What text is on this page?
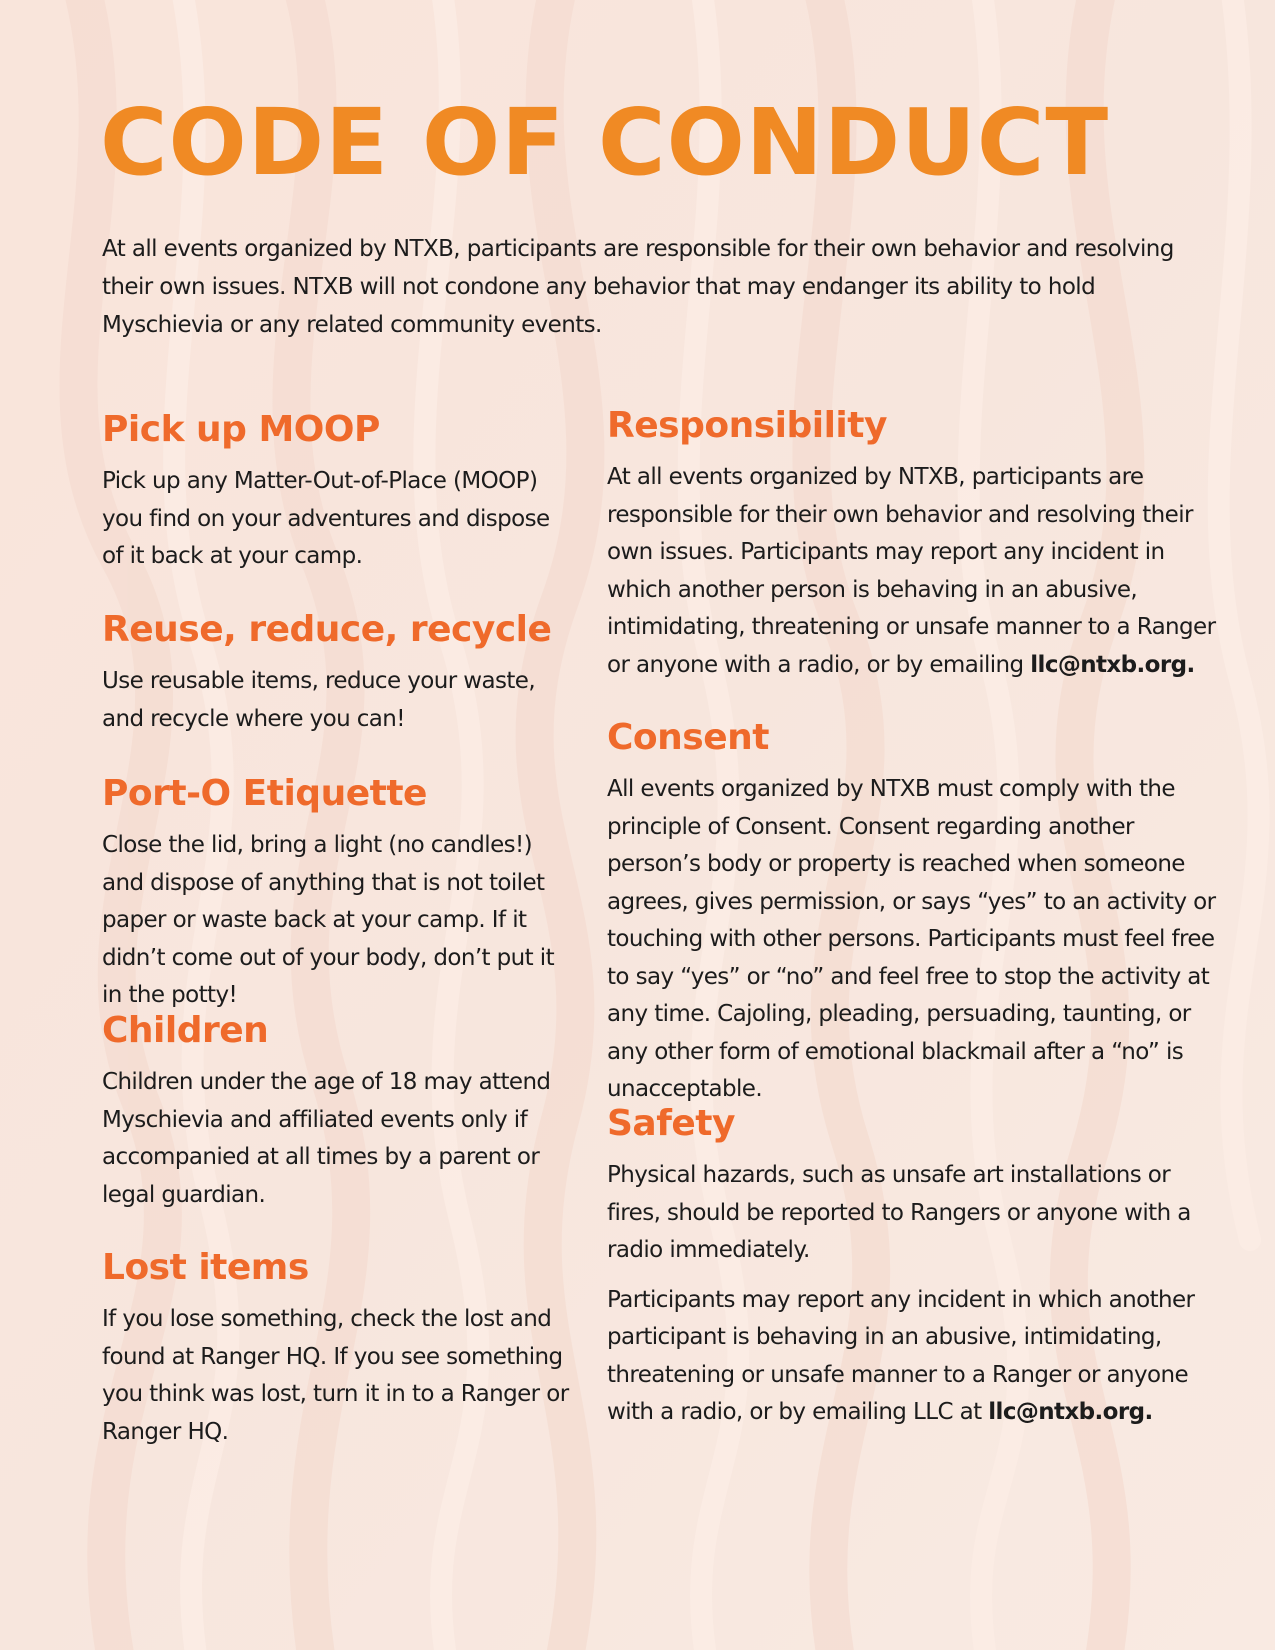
CODE OF CONDUCT

At all events organized by NTXB, participants are responsible for their own behavior and resolving their own issues. NTXB will not condone any behavior that may endanger its ability to hold Myschievia or any related community events.

Pick up MOOP

Pick up any Matter-Out-of-Place (MOOP) you find on your adventures and dispose of it back at your camp.

Reuse, reduce, recycle

Use reusable items, reduce your waste, and recycle where you can!

Port-O Etiquette

Close the lid, bring a light (no candles!) and dispose of anything that is not toilet paper or waste back at your camp. If it didn’t come out of your body, don’t put it in the potty!

Children

Children under the age of 18 may attend Myschievia and affiliated events only if accompanied at all times by a parent or legal guardian.

Lost items

If you lose something, check the lost and found at Ranger HQ. If you see something you think was lost, turn it in to a Ranger or Ranger HQ.

Responsibility

At all events organized by NTXB, participants are responsible for their own behavior and resolving their own issues. Participants may report any incident in which another person is behaving in an abusive, intimidating, threatening or unsafe manner to a Ranger or anyone with a radio, or by emailing llc@ntxb.org.

Consent

All events organized by NTXB must comply with the principle of Consent. Consent regarding another person’s body or property is reached when someone agrees, gives permission, or says “yes” to an activity or touching with other persons. Participants must feel free to say “yes” or “no” and feel free to stop the activity at any time. Cajoling, pleading, persuading, taunting, or any other form of emotional blackmail after a “no” is unacceptable.

Safety

Physical hazards, such as unsafe art installations or fires, should be reported to Rangers or anyone with a radio immediately.

Participants may report any incident in which another participant is behaving in an abusive, intimidating, threatening or unsafe manner to a Ranger or anyone with a radio, or by emailing LLC at llc@ntxb.org.
